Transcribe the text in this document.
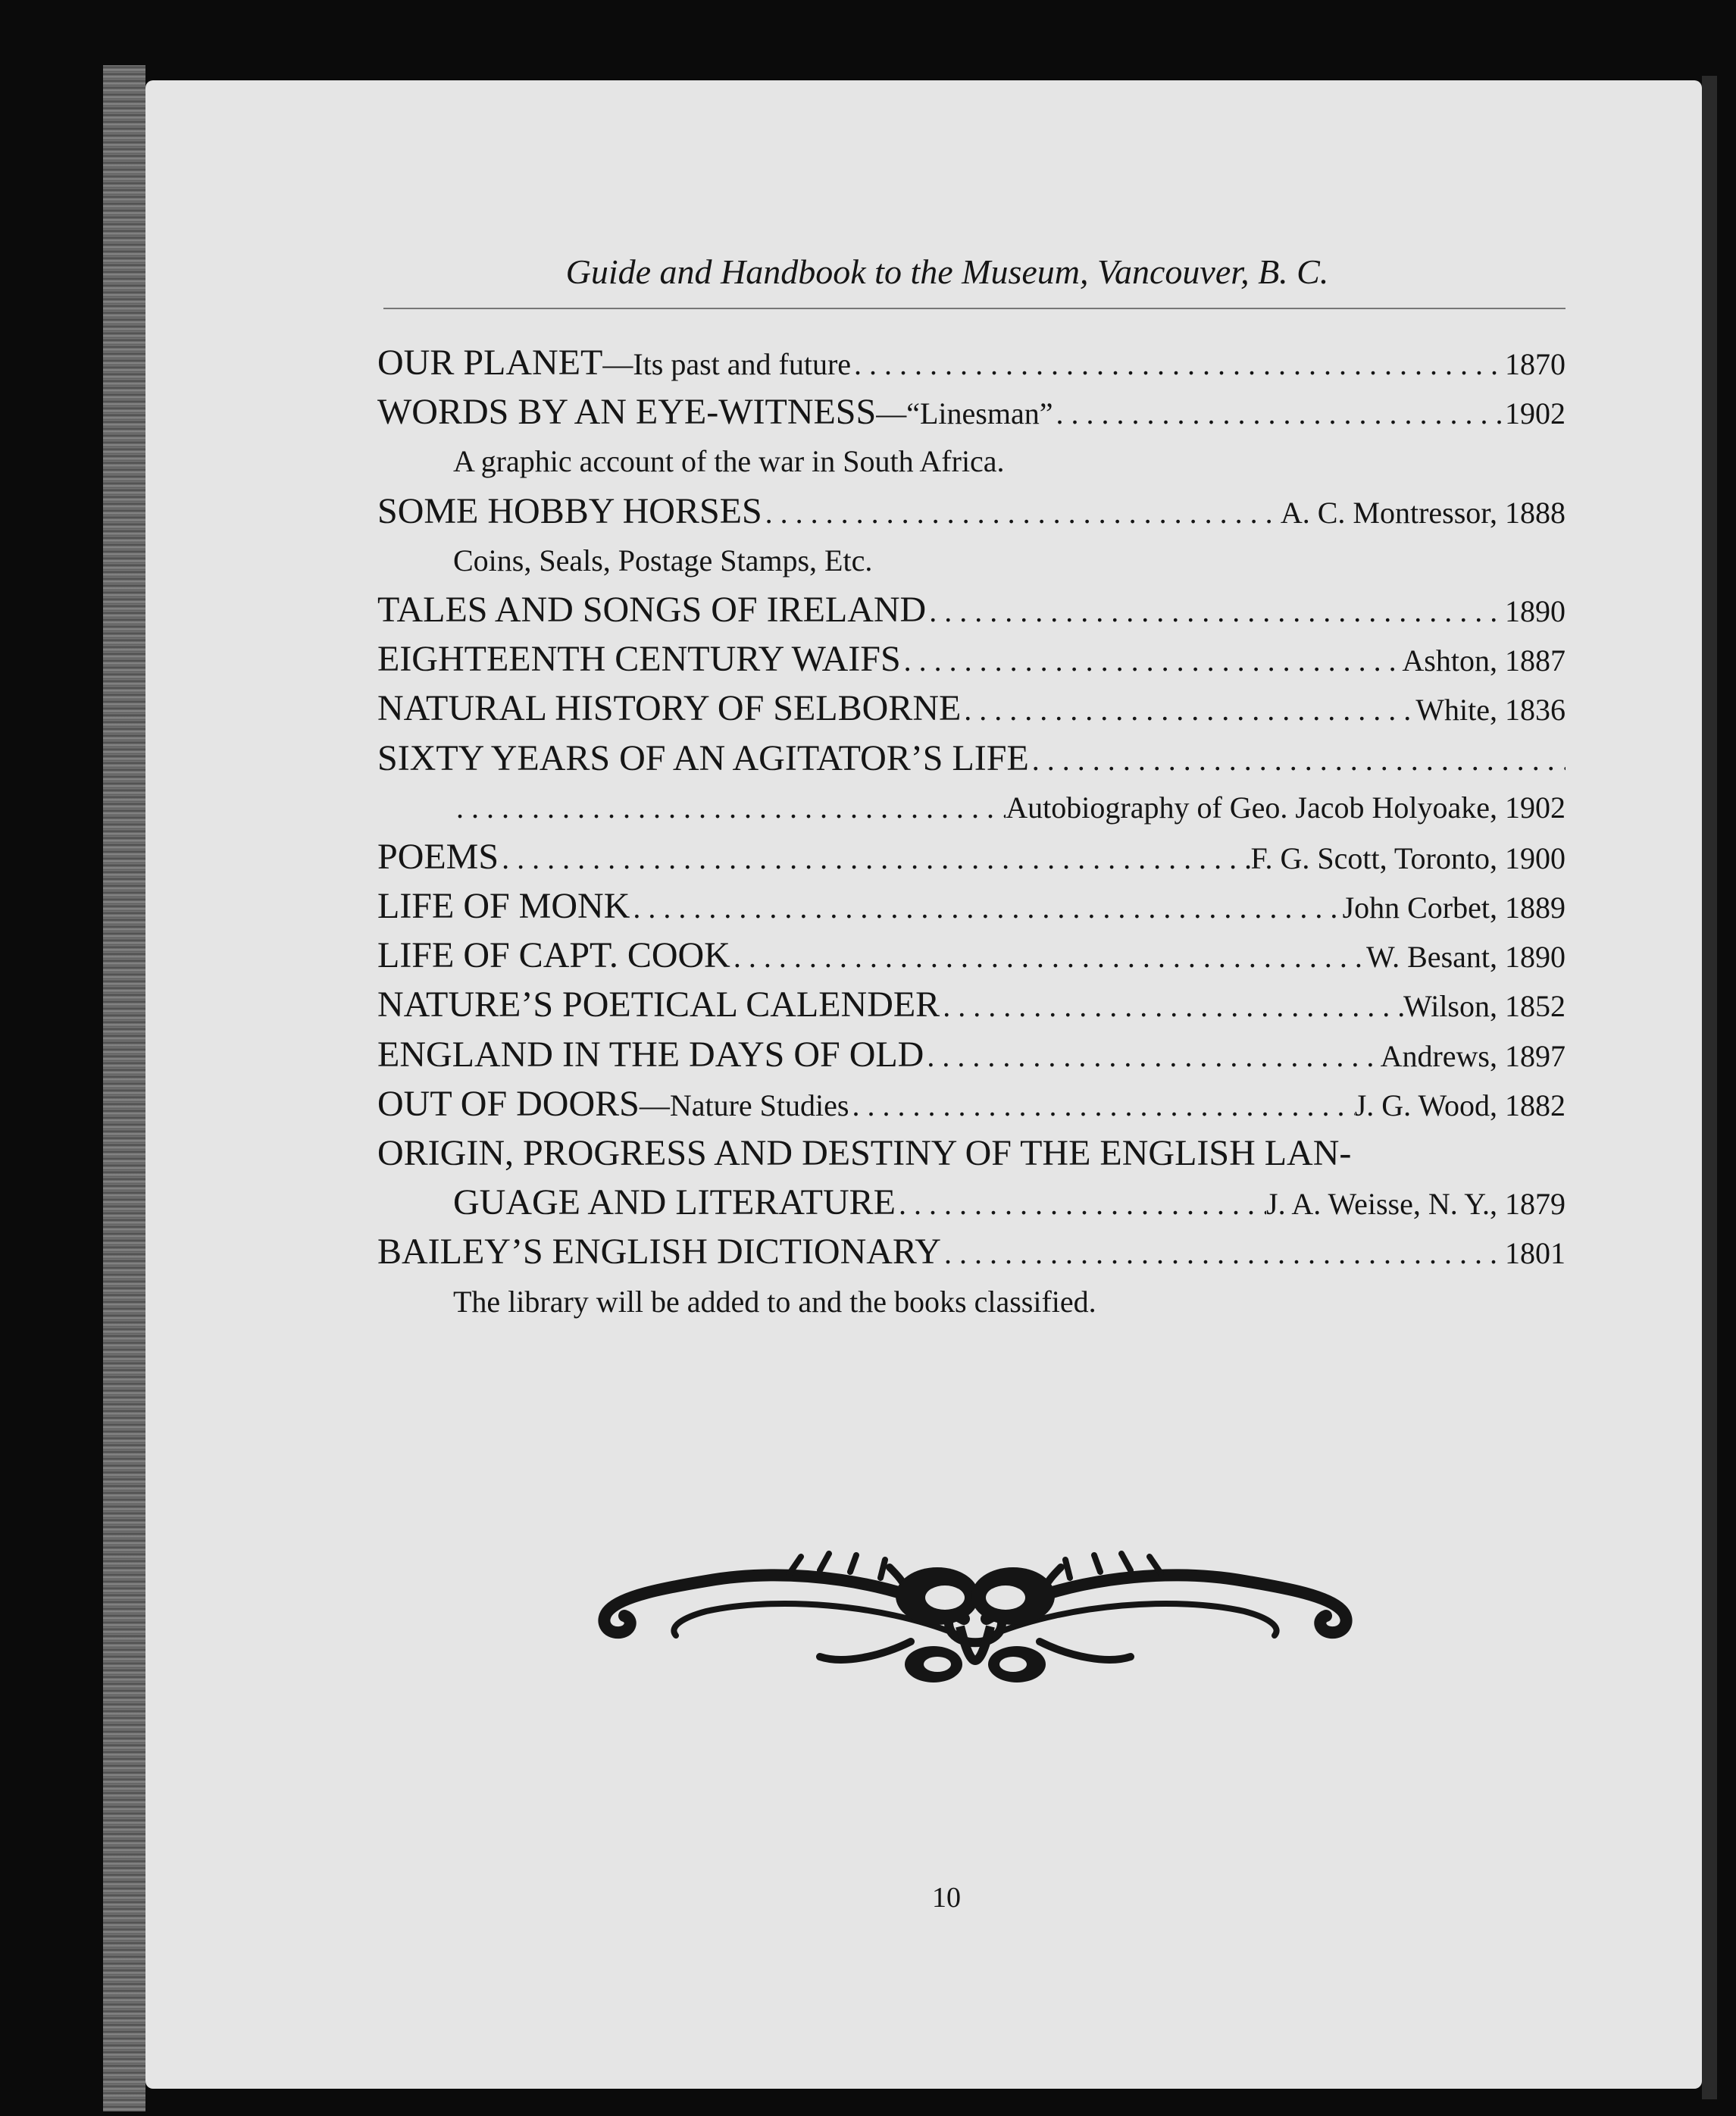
Guide and Handbook to the Museum, Vancouver, B. C.
OUR PLANET —Its past and future . . .	1870
WORDS BY AN EYE-WITNESS —“Linesman” . . .	1902
A graphic account of the war in South Africa.
SOME HOBBY HORSES . . .	A. C. Montressor, 1888
Coins, Seals, Postage Stamps, Etc.
TALES AND SONGS OF IRELAND . . .	1890
EIGHTEENTH CENTURY WAIFS . . .	Ashton, 1887
NATURAL HISTORY OF SELBORNE . . .	White, 1836
SIXTY YEARS OF AN AGITATOR’S LIFE
. . .
. . .
Autobiography of Geo. Jacob Holyoake, 1902
POEMS . . .	F. G. Scott, Toronto, 1900
LIFE OF MONK . . .	John Corbet, 1889
LIFE OF CAPT. COOK . . .	W. Besant, 1890
NATURE’S POETICAL CALENDER . . .	Wilson, 1852
ENGLAND IN THE DAYS OF OLD . . .	Andrews, 1897
OUT OF DOORS —Nature Studies . . .	J. G. Wood, 1882
ORIGIN, PROGRESS AND DESTINY OF THE ENGLISH LAN-
GUAGE AND LITERATURE . . .	J. A. Weisse, N. Y., 1879
BAILEY’S ENGLISH DICTIONARY . . .	1801
The library will be added to and the books classified.
10
